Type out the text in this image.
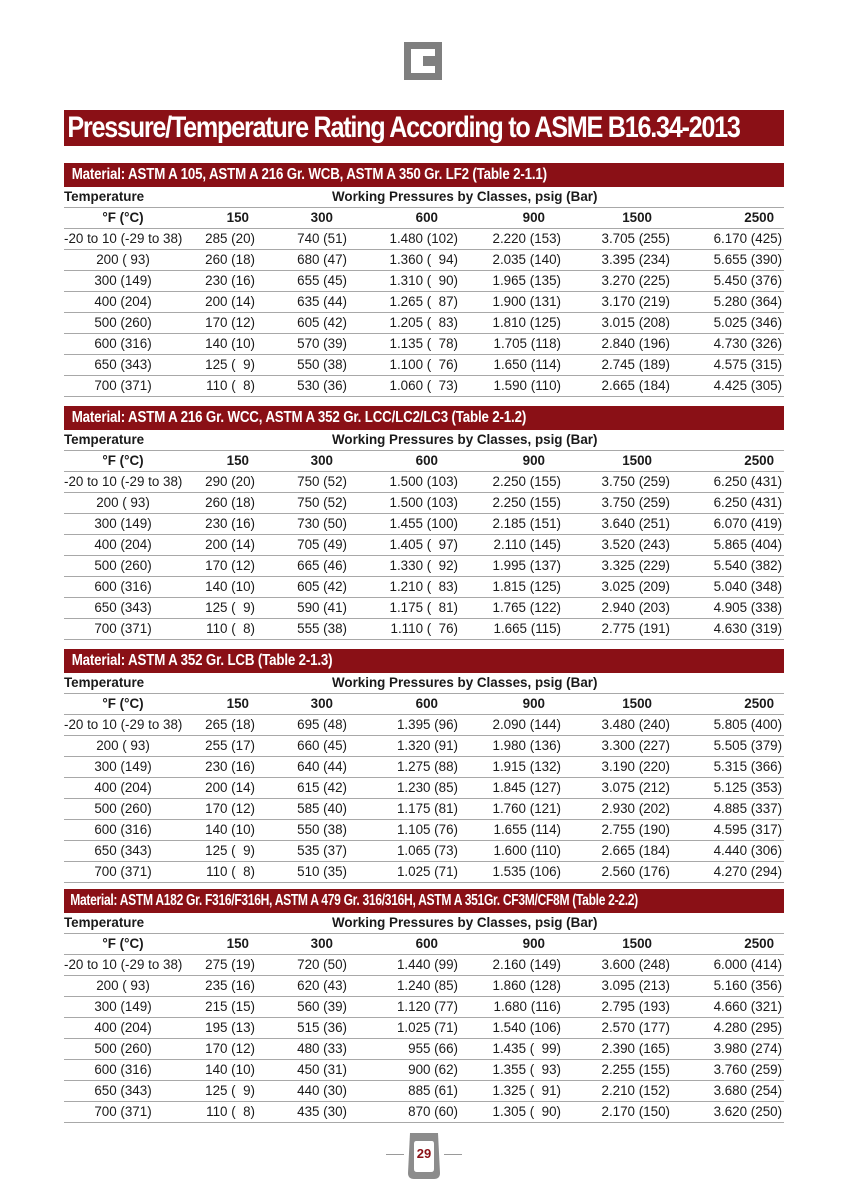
Pressure/Temperature Rating According to ASME B16.34-2013
Material: ASTM A 105, ASTM A 216 Gr. WCB, ASTM A 350 Gr. LF2 (Table 2-1.1)
Temperature	Working Pressures by Classes, psig (Bar)					
°F (°C)	150	300	600	900	1500	2500
-20 to 10 (-29 to 38)	285 (20)	740 (51)	1.480 (102)	2.220 (153)	3.705 (255)	6.170 (425)
200 ( 93)	260 (18)	680 (47)	1.360 (  94)	2.035 (140)	3.395 (234)	5.655 (390)
300 (149)	230 (16)	655 (45)	1.310 (  90)	1.965 (135)	3.270 (225)	5.450 (376)
400 (204)	200 (14)	635 (44)	1.265 (  87)	1.900 (131)	3.170 (219)	5.280 (364)
500 (260)	170 (12)	605 (42)	1.205 (  83)	1.810 (125)	3.015 (208)	5.025 (346)
600 (316)	140 (10)	570 (39)	1.135 (  78)	1.705 (118)	2.840 (196)	4.730 (326)
650 (343)	125 (  9)	550 (38)	1.100 (  76)	1.650 (114)	2.745 (189)	4.575 (315)
700 (371)	110 (  8)	530 (36)	1.060 (  73)	1.590 (110)	2.665 (184)	4.425 (305)
Material: ASTM A 216 Gr. WCC, ASTM A 352 Gr. LCC/LC2/LC3 (Table 2-1.2)
Temperature	Working Pressures by Classes, psig (Bar)					
°F (°C)	150	300	600	900	1500	2500
-20 to 10 (-29 to 38)	290 (20)	750 (52)	1.500 (103)	2.250 (155)	3.750 (259)	6.250 (431)
200 ( 93)	260 (18)	750 (52)	1.500 (103)	2.250 (155)	3.750 (259)	6.250 (431)
300 (149)	230 (16)	730 (50)	1.455 (100)	2.185 (151)	3.640 (251)	6.070 (419)
400 (204)	200 (14)	705 (49)	1.405 (  97)	2.110 (145)	3.520 (243)	5.865 (404)
500 (260)	170 (12)	665 (46)	1.330 (  92)	1.995 (137)	3.325 (229)	5.540 (382)
600 (316)	140 (10)	605 (42)	1.210 (  83)	1.815 (125)	3.025 (209)	5.040 (348)
650 (343)	125 (  9)	590 (41)	1.175 (  81)	1.765 (122)	2.940 (203)	4.905 (338)
700 (371)	110 (  8)	555 (38)	1.110 (  76)	1.665 (115)	2.775 (191)	4.630 (319)
Material: ASTM A 352 Gr. LCB (Table 2-1.3)
Temperature	Working Pressures by Classes, psig (Bar)					
°F (°C)	150	300	600	900	1500	2500
-20 to 10 (-29 to 38)	265 (18)	695 (48)	1.395 (96)	2.090 (144)	3.480 (240)	5.805 (400)
200 ( 93)	255 (17)	660 (45)	1.320 (91)	1.980 (136)	3.300 (227)	5.505 (379)
300 (149)	230 (16)	640 (44)	1.275 (88)	1.915 (132)	3.190 (220)	5.315 (366)
400 (204)	200 (14)	615 (42)	1.230 (85)	1.845 (127)	3.075 (212)	5.125 (353)
500 (260)	170 (12)	585 (40)	1.175 (81)	1.760 (121)	2.930 (202)	4.885 (337)
600 (316)	140 (10)	550 (38)	1.105 (76)	1.655 (114)	2.755 (190)	4.595 (317)
650 (343)	125 (  9)	535 (37)	1.065 (73)	1.600 (110)	2.665 (184)	4.440 (306)
700 (371)	110 (  8)	510 (35)	1.025 (71)	1.535 (106)	2.560 (176)	4.270 (294)
Material: ASTM A182 Gr. F316/F316H, ASTM A 479 Gr. 316/316H, ASTM A 351Gr. CF3M/CF8M (Table 2-2.2)
Temperature	Working Pressures by Classes, psig (Bar)					
°F (°C)	150	300	600	900	1500	2500
-20 to 10 (-29 to 38)	275 (19)	720 (50)	1.440 (99)	2.160 (149)	3.600 (248)	6.000 (414)
200 ( 93)	235 (16)	620 (43)	1.240 (85)	1.860 (128)	3.095 (213)	5.160 (356)
300 (149)	215 (15)	560 (39)	1.120 (77)	1.680 (116)	2.795 (193)	4.660 (321)
400 (204)	195 (13)	515 (36)	1.025 (71)	1.540 (106)	2.570 (177)	4.280 (295)
500 (260)	170 (12)	480 (33)	955 (66)	1.435 (  99)	2.390 (165)	3.980 (274)
600 (316)	140 (10)	450 (31)	900 (62)	1.355 (  93)	2.255 (155)	3.760 (259)
650 (343)	125 (  9)	440 (30)	885 (61)	1.325 (  91)	2.210 (152)	3.680 (254)
700 (371)	110 (  8)	435 (30)	870 (60)	1.305 (  90)	2.170 (150)	3.620 (250)
29
